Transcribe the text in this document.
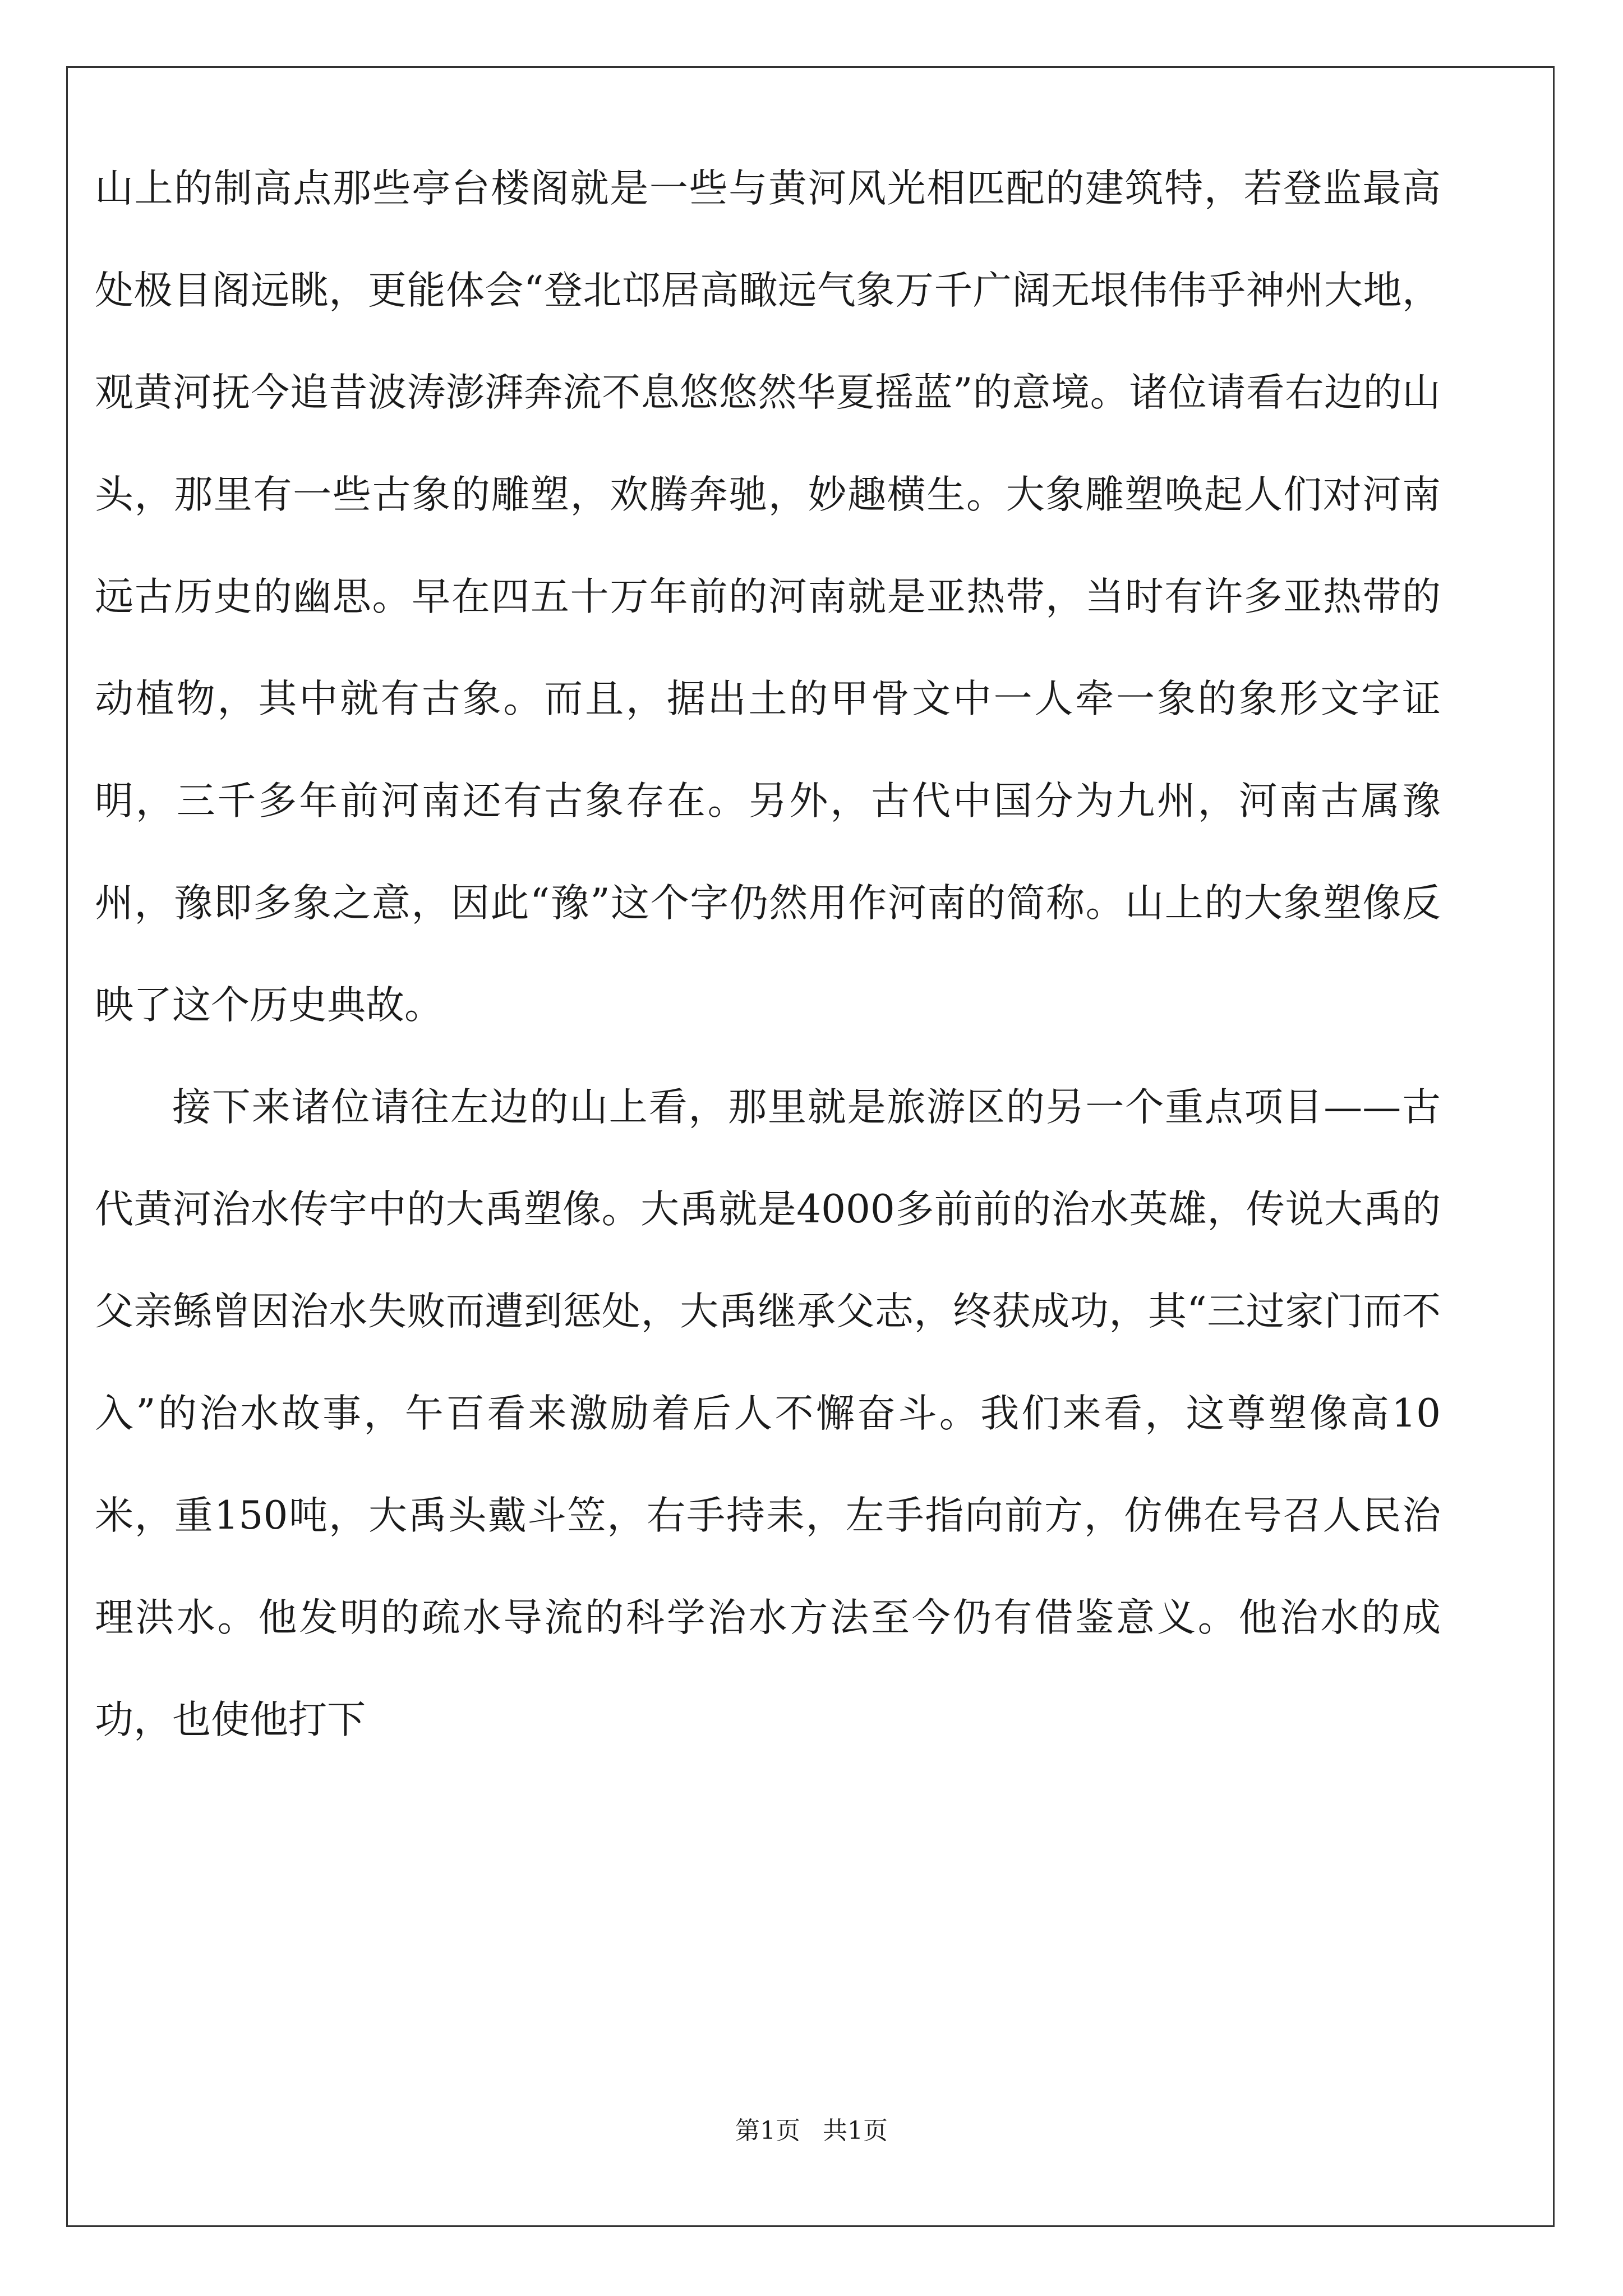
山上的制高点那些亭台楼阁就是一些与黄河风光相匹配的建筑特，若登监最高处极目阁远眺，更能体会“登北邙居高瞰远气象万千广阔无垠伟伟乎神州大地，观黄河抚今追昔波涛澎湃奔流不息悠悠然华夏摇蓝”的意境。诸位请看右边的山头，那里有一些古象的雕塑，欢腾奔驰，妙趣横生。大象雕塑唤起人们对河南远古历史的幽思。早在四五十万年前的河南就是亚热带，当时有许多亚热带的动植物，其中就有古象。而且，据出土的甲骨文中一人牵一象的象形文字证明，三千多年前河南还有古象存在。另外，古代中国分为九州，河南古属豫州，豫即多象之意，因此“豫”这个字仍然用作河南的简称。山上的大象塑像反映了这个历史典故。

接下来诸位请往左边的山上看，那里就是旅游区的另一个重点项目——古代黄河治水传宇中的大禹塑像。大禹就是4000多前前的治水英雄，传说大禹的父亲鲧曾因治水失败而遭到惩处，大禹继承父志，终获成功，其“三过家门而不入”的治水故事，午百看来激励着后人不懈奋斗。我们来看，这尊塑像高10米，重150吨，大禹头戴斗笠，右手持耒，左手指向前方，仿佛在号召人民治理洪水。他发明的疏水导流的科学治水方法至今仍有借鉴意义。他治水的成功，也使他打下

第1页 共1页
